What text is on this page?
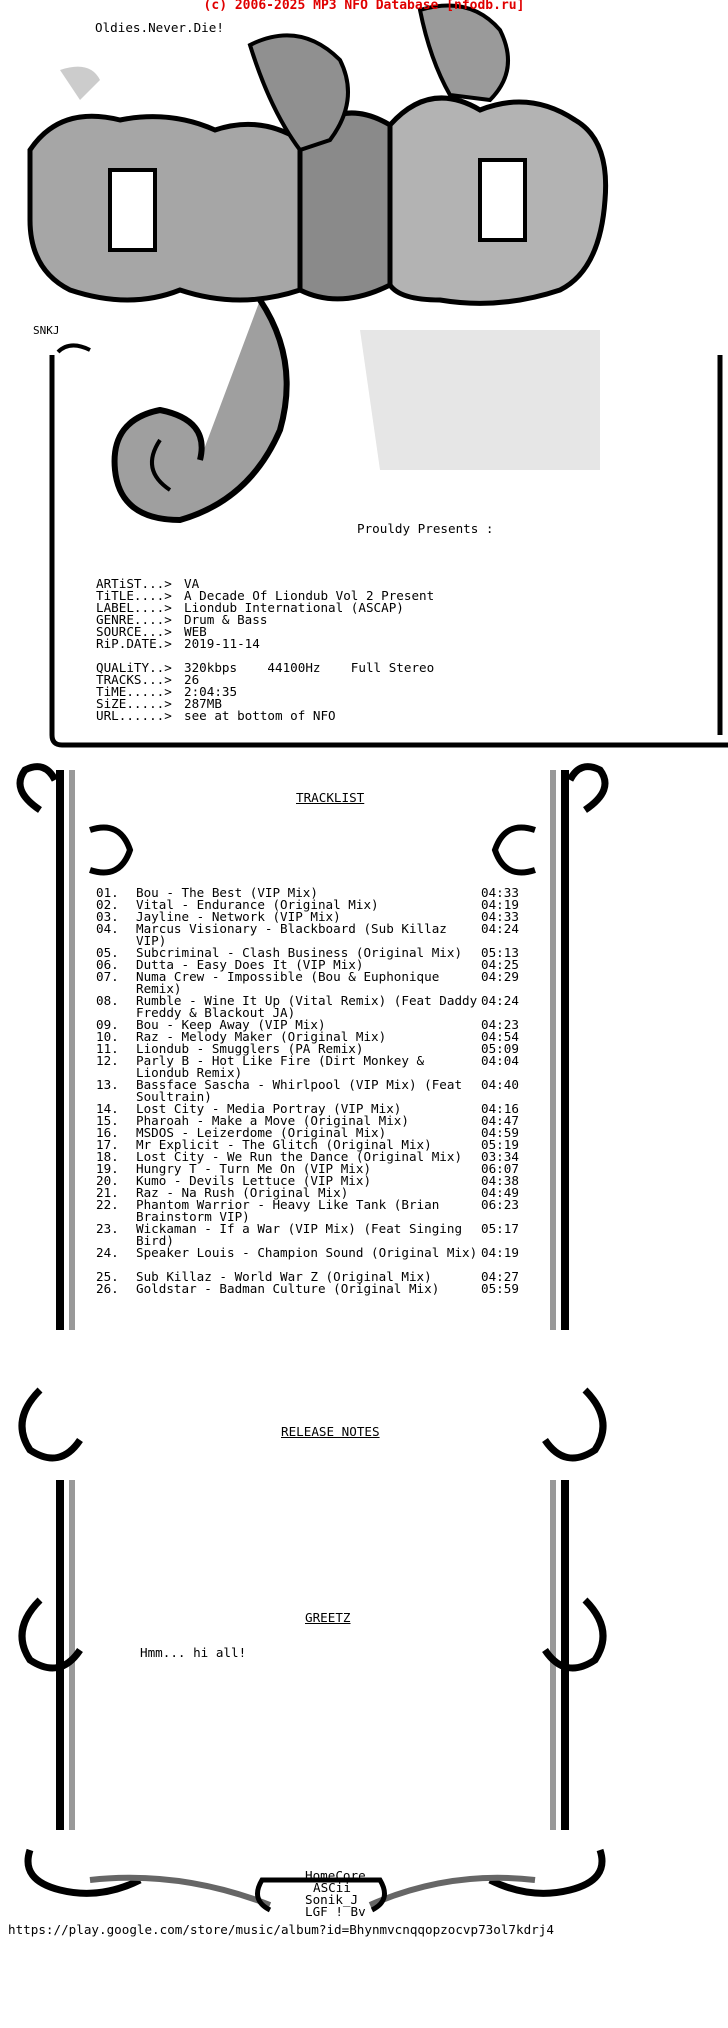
(c) 2006-2025 MP3 NFO Database [nfodb.ru]
Oldies.Never.Die!
SNKJ
Prouldy Presents :
ARTiST...> VA
TiTLE....> A Decade Of Liondub Vol 2 Present
LABEL....> Liondub International (ASCAP)
GENRE....> Drum & Bass
SOURCE...> WEB
RiP.DATE.> 2019-11-14
QUALiTY..> 320kbps    44100Hz    Full Stereo
TRACKS...> 26
TiME.....> 2:04:35
SiZE.....> 287MB
URL......> see at bottom of NFO
TRACKLIST
01. Bou - The Best (VIP Mix)	04:33
02. Vital - Endurance (Original Mix)	04:19
03. Jayline - Network (VIP Mix)	04:33
04. Marcus Visionary - Blackboard (Sub Killaz VIP)
04:24
05. Subcriminal - Clash Business (Original Mix)	05:13
06. Dutta - Easy Does It (VIP Mix)	04:25
07. Numa Crew - Impossible (Bou & Euphonique Remix)
04:29
08. Rumble - Wine It Up (Vital Remix) (Feat Daddy Freddy & Blackout JA)
04:24
09. Bou - Keep Away (VIP Mix)	04:23
10. Raz - Melody Maker (Original Mix)	04:54
11. Liondub - Smugglers (PA Remix)	05:09
12. Parly B - Hot Like Fire (Dirt Monkey & Liondub Remix)
04:04
13. Bassface Sascha - Whirlpool (VIP Mix) (Feat Soultrain)
04:40
14. Lost City - Media Portray (VIP Mix)	04:16
15. Pharoah - Make a Move (Original Mix)	04:47
16. MSDOS - Leizerdome (Original Mix)	04:59
17. Mr Explicit - The Glitch (Original Mix)	05:19
18. Lost City - We Run the Dance (Original Mix)	03:34
19. Hungry T - Turn Me On (VIP Mix)	06:07
20. Kumo - Devils Lettuce (VIP Mix)	04:38
21. Raz - Na Rush (Original Mix)	04:49
22. Phantom Warrior - Heavy Like Tank (Brian Brainstorm VIP)
06:23
23. Wickaman - If a War (VIP Mix) (Feat Singing Bird)
05:17
24. Speaker Louis - Champion Sound (Original Mix) 04:19
25. Sub Killaz - World War Z (Original Mix)	04:27
26. Goldstar - Badman Culture (Original Mix)	05:59
RELEASE NOTES
GREETZ
Hmm... hi all!
HomeCore
ASCii
Sonik_J
LGF ! Bv
https://play.google.com/store/music/album?id=Bhynmvcnqqopzocvp73ol7kdrj4
